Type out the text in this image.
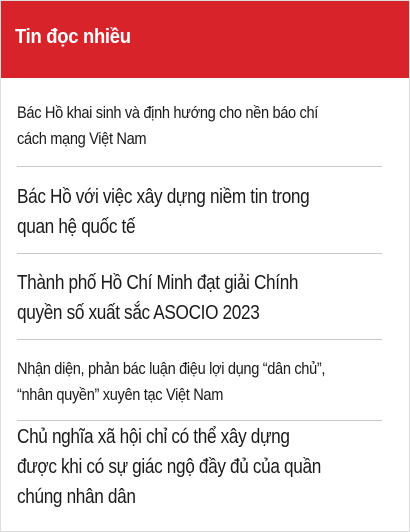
Tin đọc nhiều
Bác Hồ khai sinh và định hướng cho nền báo chí cách mạng Việt Nam
Bác Hồ với việc xây dựng niềm tin trong quan hệ quốc tế
Thành phố Hồ Chí Minh đạt giải Chính quyền số xuất sắc ASOCIO 2023
Nhận diện, phản bác luận điệu lợi dụng “dân chủ”, “nhân quyền” xuyên tạc Việt Nam
Chủ nghĩa xã hội chỉ có thể xây dựng được khi có sự giác ngộ đầy đủ của quần chúng nhân dân
